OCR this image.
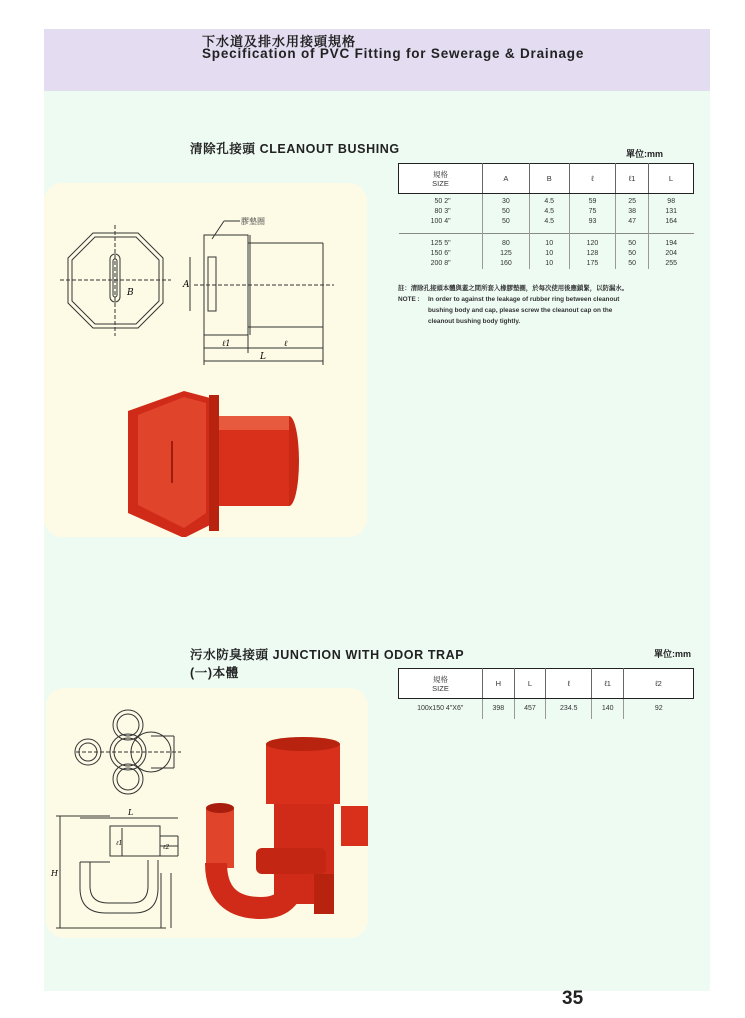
下水道及排水用接頭規格
Specification of PVC Fitting for Sewerage & Drainage
清除孔接頭 CLEANOUT BUSHING	單位:mm
B
膠墊圈
A
ℓ1	ℓ
L
規格
SIZE	A	B	ℓ	ℓ1	L
50 2"	30	4.5	59	25	98
80 3"	50	4.5	75	38	131
100 4"	50	4.5	93	47	164
125 5"	80	10	120	50	194
150 6"	125	10	128	50	204
200 8"	160	10	175	50	255
註：清除孔接頭本體與蓋之間所套入橡膠墊圈，於每次使用後應鎖緊，以防漏水。
NOTE : In order to against the leakage of rubber ring between cleanout
bushing body and cap, please screw the cleanout cap on the
cleanout bushing body tightly.
污水防臭接頭 JUNCTION WITH ODOR TRAP
(一)本體
單位:mm
L
H
ℓ1
ℓ2
規格
SIZE	H	L	ℓ	ℓ1	ℓ2
100x150 4"X6"	398	457	234.5	140	92
35
